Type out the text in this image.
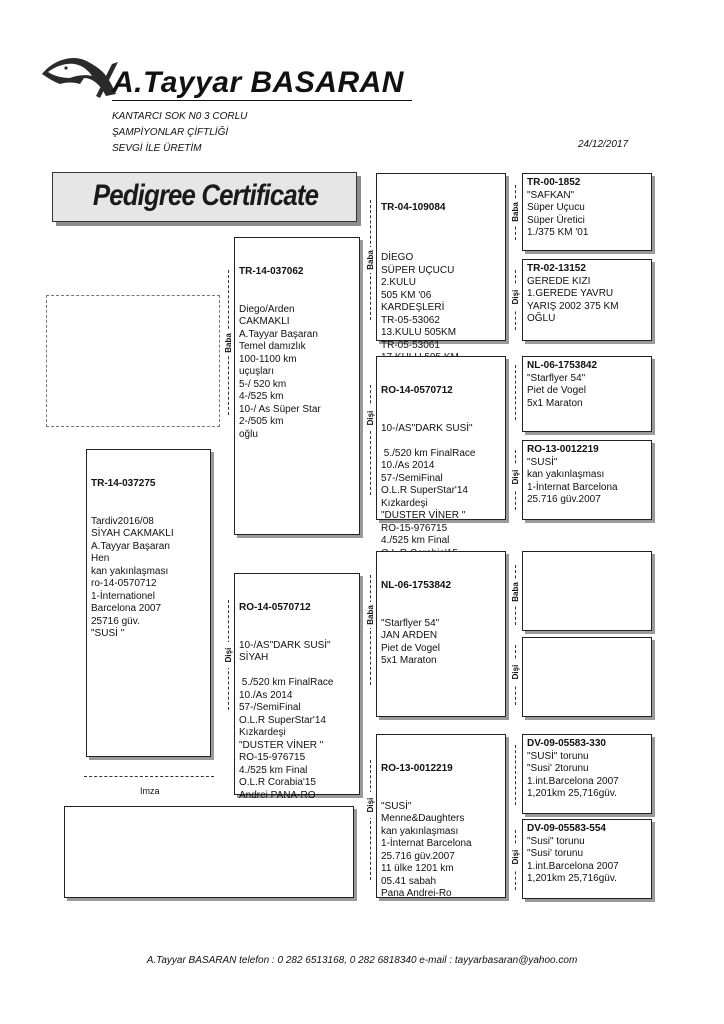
A.Tayyar BASARAN
KANTARCI SOK N0 3 CORLU
ŞAMPİYONLAR ÇİFTLİĞİ
SEVGİ İLE ÜRETİM	24/12/2017
Pedigree Certificate

TR-14-037275

Tardiv2016/08
SİYAH CAKMAKLI
A.Tayyar Başaran
Hen
kan yakınlaşması
ro-14-0570712
1-İnternationel
Barcelona 2007
25716 güv.
"SUSİ "

Imza
Baba

TR-14-037062

Diego/Arden
CAKMAKLI
A.Tayyar Başaran
Temel damızlık
100-1100 km
uçuşları
5-/ 520 km
4-/525 km
10-/ As Süper Star
2-/505 km
oğlu

Dişi

RO-14-0570712

10-/AS"DARK SUSİ"
SİYAH

5./520 km FinalRace
10./As 2014
57-/SemiFinal
O.L.R SuperStar'14
Kızkardeşi
"DUSTER VİNER "
RO-15-976715
4./525 km Final
O.L.R Corabia'15
Andrei PANA-RO

Baba

TR-04-109084

DİEGO
SÜPER UÇUCU
2.KULU
505 KM '06
KARDEŞLERİ
TR-05-53062
13.KULU 505KM
TR-05-53061

Dişi

RO-14-0570712

10-/AS"DARK SUSİ"

5./520 km FinalRace
10./As 2014
57-/SemiFinal
O.L.R SuperStar'14
Kızkardeşi
"DUSTER VİNER "
RO-15-976715
4./525 km Final

Baba

NL-06-1753842

"Starflyer 54"
JAN ARDEN
Piet de Vogel
5x1 Maraton

Dişi

RO-13-0012219

"SUSİ"
Menne&Daughters
kan yakınlaşması
1-İnternat Barcelona
25.716 güv.2007
11 ülke 1201 km
05.41 sabah
Pana Andrei-Ro

Baba
TR-00-1852
"SAFKAN"
Süper Uçucu
Süper Üretici
1./375 KM '01
Dişi
TR-02-13152
GEREDE KIZI
1.GEREDE YAVRU
YARIŞ 2002 375 KM
OĞLU
NL-06-1753842
"Starflyer 54"
Piet de Vogel
5x1 Maraton
Dişi
RO-13-0012219
"SUSİ"
kan yakınlaşması
1-İnternat Barcelona
25.716 güv.2007
Baba
Dişi
DV-09-05583-330
"SUSİ" torunu
"Susi' 2torunu
1.int.Barcelona 2007
1,201km 25,716güv.
Dişi
DV-09-05583-554
"Susi" torunu
"Susi' torunu
1.int.Barcelona 2007
1,201km 25,716güv.
A.Tayyar BASARAN telefon : 0 282 6513168, 0 282 6818340 e-mail : tayyarbasaran@yahoo.com
